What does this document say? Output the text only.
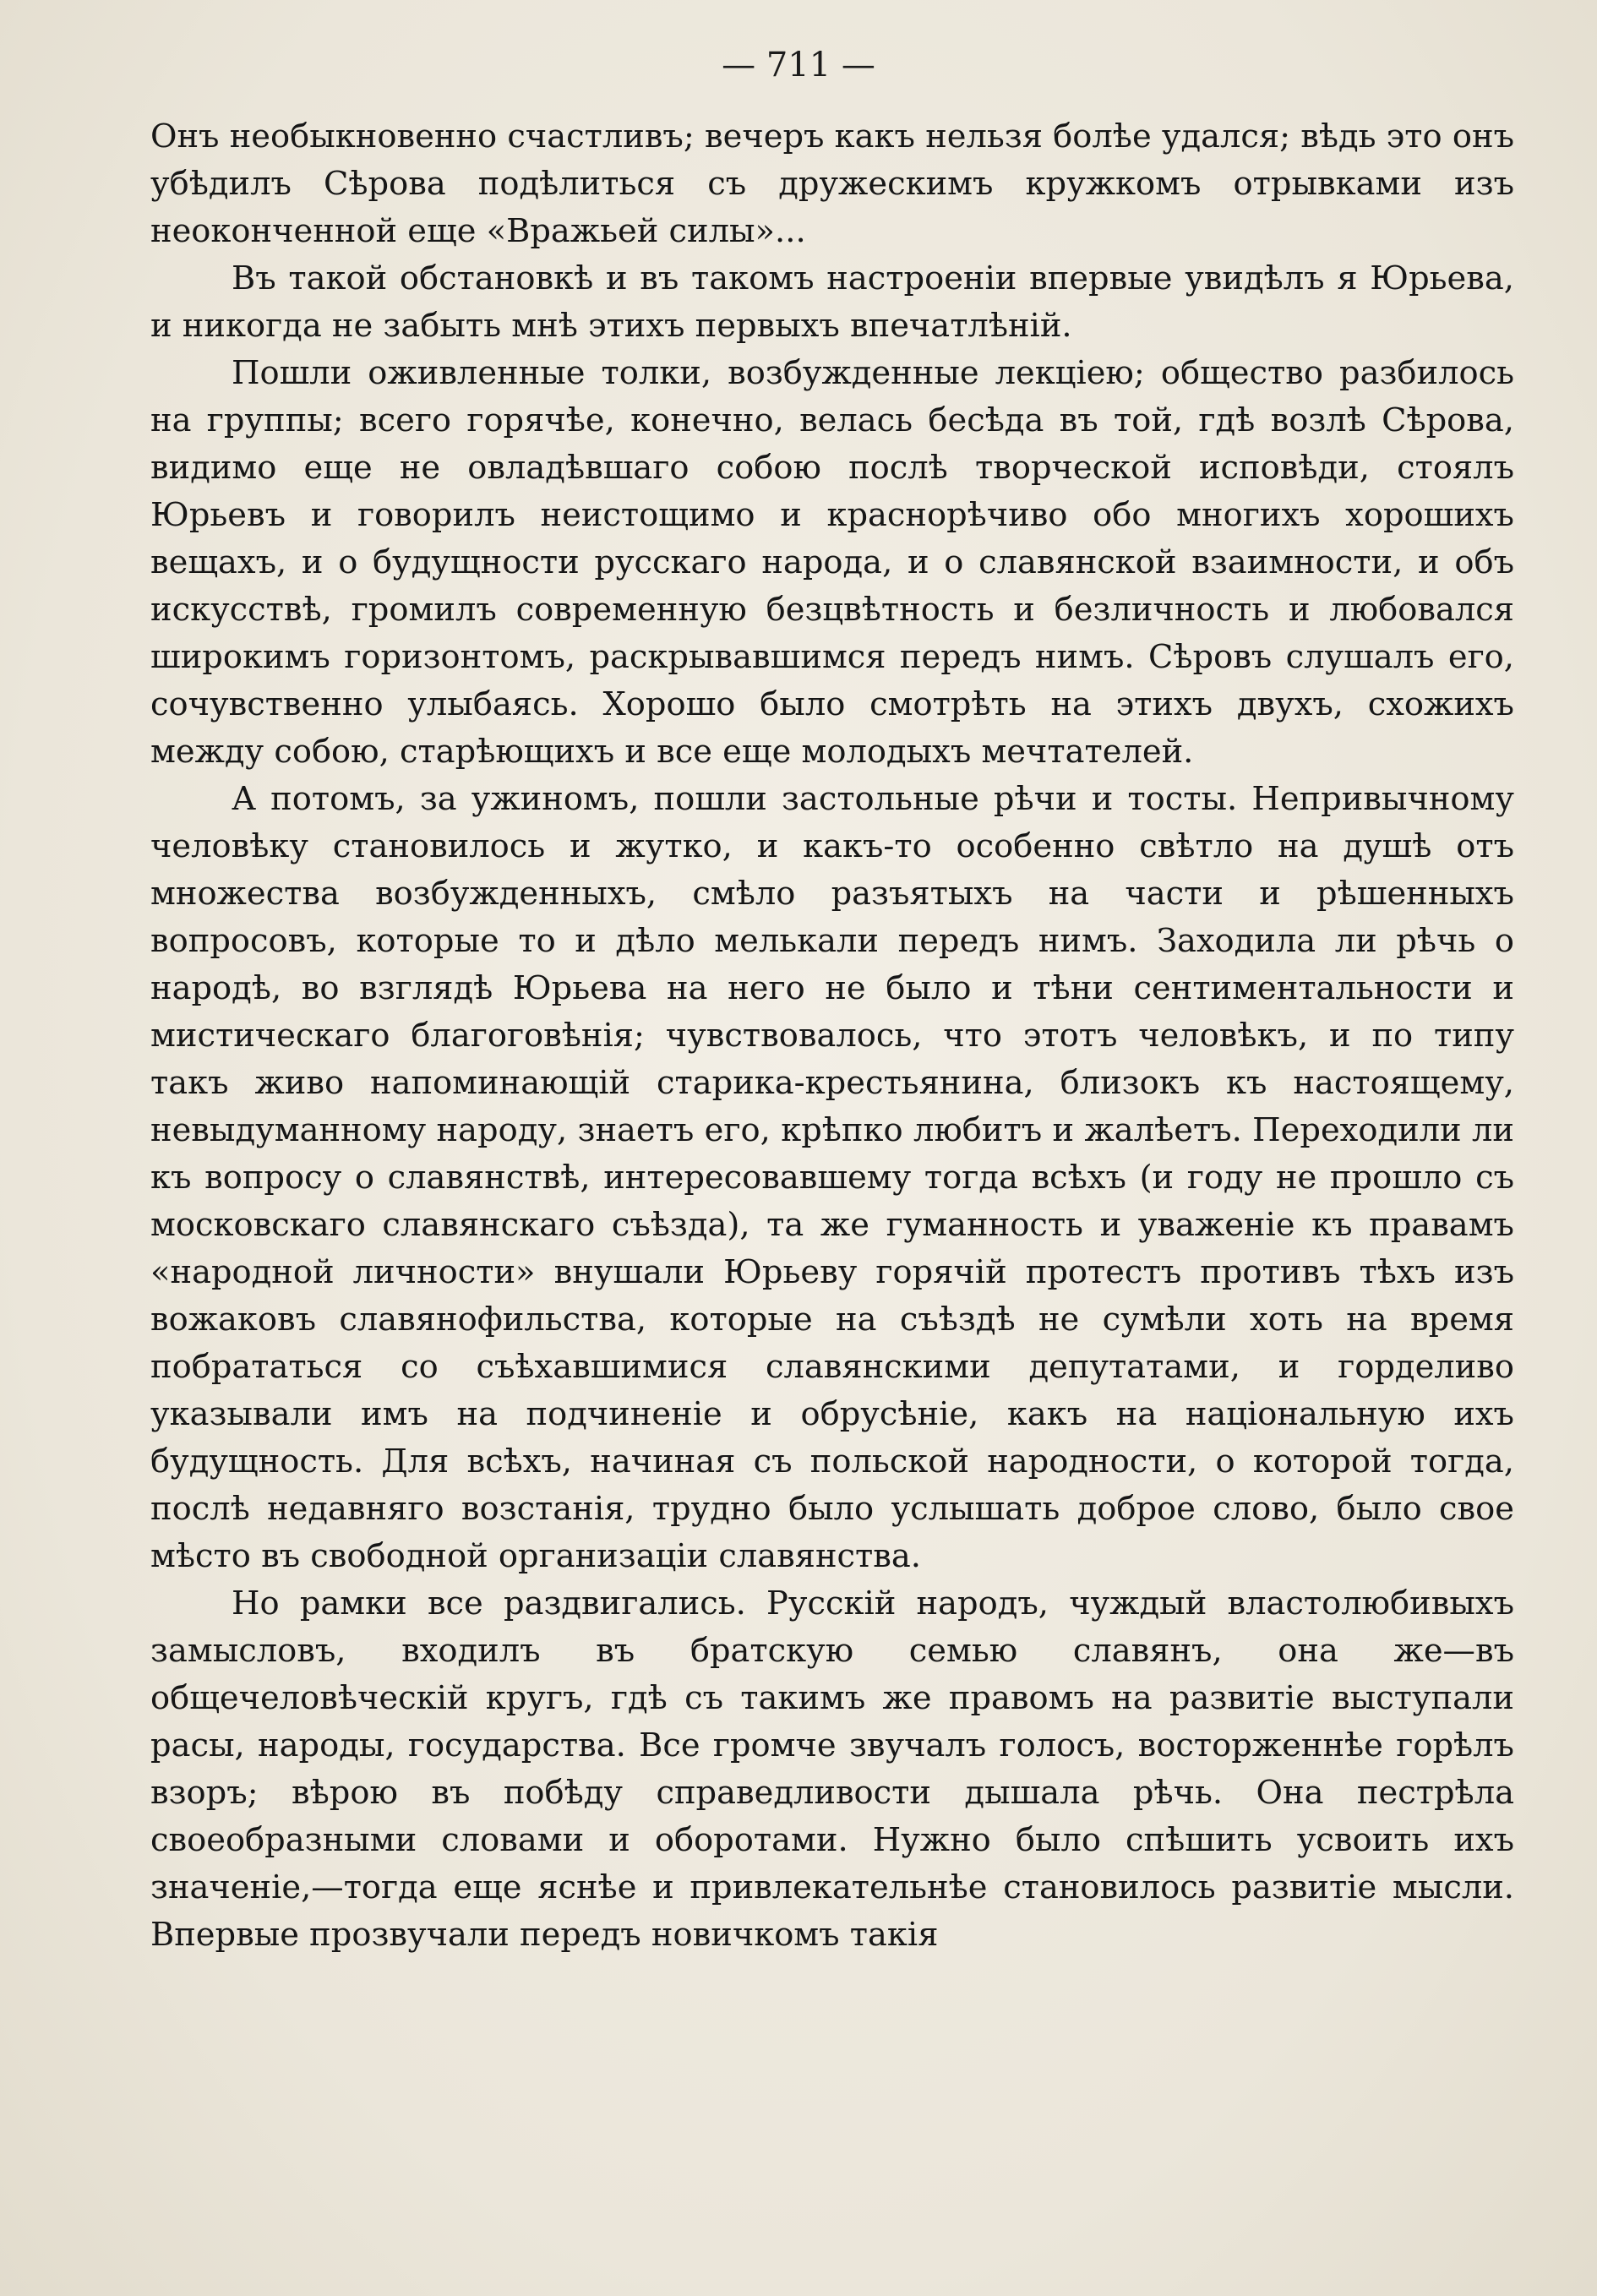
— 711 —

Онъ необыкновенно счастливъ; вечеръ какъ нельзя болѣе удался; вѣдь это онъ убѣдилъ Сѣрова подѣлиться съ дружескимъ кружкомъ отрывками изъ неоконченной еще «Вражьей силы»...

Въ такой обстановкѣ и въ такомъ настроеніи впервые увидѣлъ я Юрьева, и никогда не забыть мнѣ этихъ первыхъ впечатлѣній.

Пошли оживленные толки, возбужденные лекціею; общество разбилось на группы; всего горячѣе, конечно, велась бесѣда въ той, гдѣ возлѣ Сѣрова, видимо еще не овладѣвшаго собою послѣ творческой исповѣди, стоялъ Юрьевъ и говорилъ неистощимо и краснорѣчиво обо многихъ хорошихъ вещахъ, и о будущности русскаго народа, и о славянской взаимности, и объ искусствѣ, громилъ современную безцвѣтность и безличность и любовался широкимъ горизонтомъ, раскрывавшимся передъ нимъ. Сѣровъ слушалъ его, сочувственно улыбаясь. Хорошо было смотрѣть на этихъ двухъ, схожихъ между собою, старѣющихъ и все еще молодыхъ мечтателей.

А потомъ, за ужиномъ, пошли застольные рѣчи и тосты. Непривычному человѣку становилось и жутко, и какъ-то особенно свѣтло на душѣ отъ множества возбужденныхъ, смѣло разъятыхъ на части и рѣшенныхъ вопросовъ, которые то и дѣло мелькали передъ нимъ. Заходила ли рѣчь о народѣ, во взглядѣ Юрьева на него не было и тѣни сентиментальности и мистическаго благоговѣнія; чувствовалось, что этотъ человѣкъ, и по типу такъ живо напоминающій старика-крестьянина, близокъ къ настоящему, невыдуманному народу, знаетъ его, крѣпко любитъ и жалѣетъ. Переходили ли къ вопросу о славянствѣ, интересовавшему тогда всѣхъ (и году не прошло съ московскаго славянскаго съѣзда), та же гуманность и уваженіе къ правамъ «народной личности» внушали Юрьеву горячій протестъ противъ тѣхъ изъ вожаковъ славянофильства, которые на съѣздѣ не сумѣли хоть на время побрататься со съѣхавшимися славянскими депутатами, и горделиво указывали имъ на подчиненіе и обрусѣніе, какъ на національную ихъ будущность. Для всѣхъ, начиная съ польской народности, о которой тогда, послѣ недавняго возстанія, трудно было услышать доброе слово, было свое мѣсто въ свободной организаціи славянства.

Но рамки все раздвигались. Русскій народъ, чуждый властолюбивыхъ замысловъ, входилъ въ братскую семью славянъ, она же—въ общечеловѣческій кругъ, гдѣ съ такимъ же правомъ на развитіе выступали расы, народы, государства. Все громче звучалъ голосъ, восторженнѣе горѣлъ взоръ; вѣрою въ побѣду справедливости дышала рѣчь. Она пестрѣла своеобразными словами и оборотами. Нужно было спѣшить усвоить ихъ значеніе,—тогда еще яснѣе и привлекательнѣе становилось развитіе мысли. Впервые прозвучали передъ новичкомъ такія
